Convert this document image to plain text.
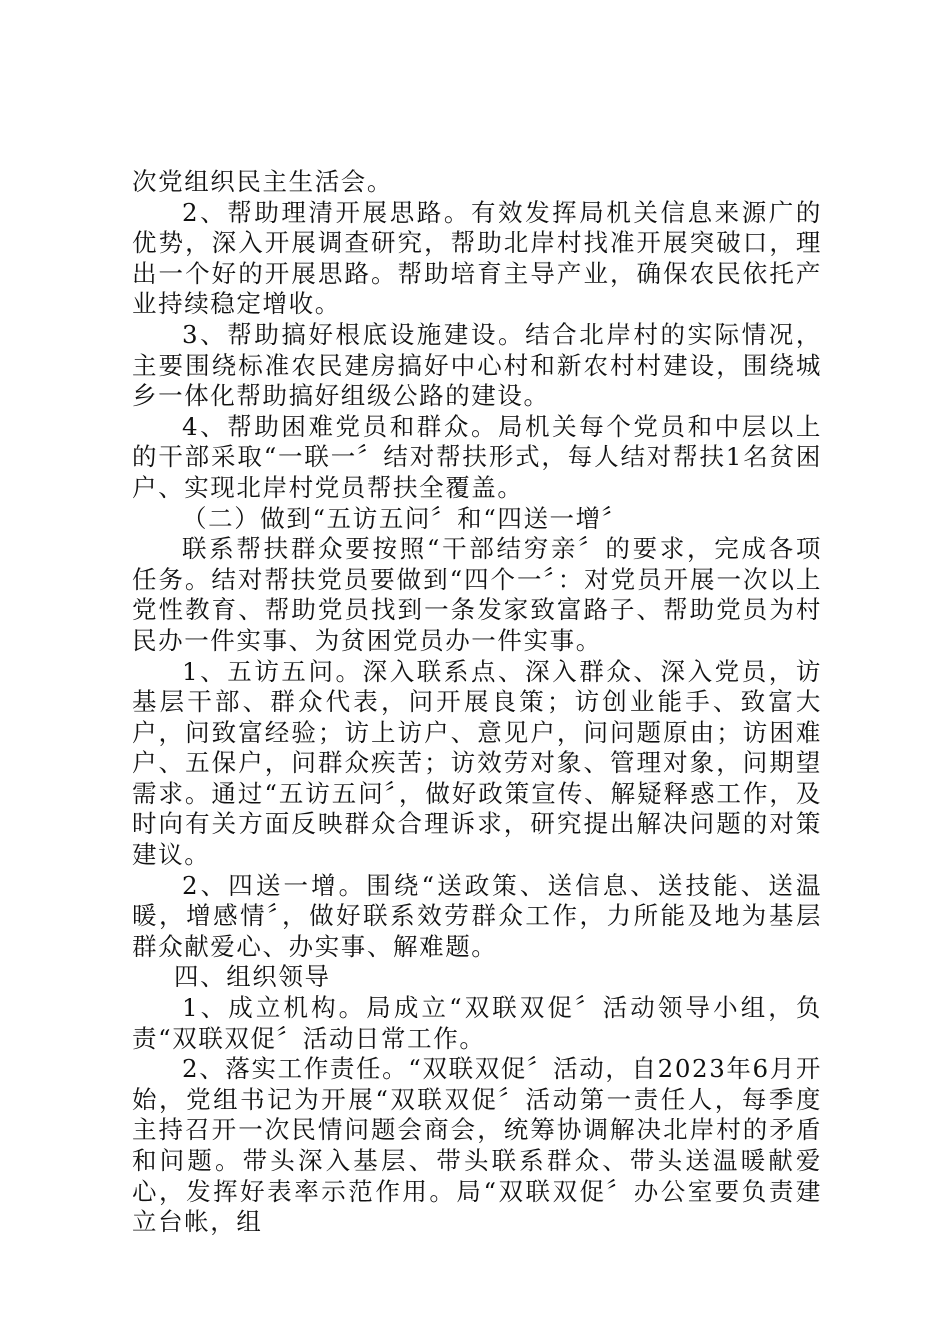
次党组织民主生活会。

2、帮助理清开展思路。有效发挥局机关信息来源广的优势，深入开展调查研究，帮助北岸村找准开展突破口，理出一个好的开展思路。帮助培育主导产业，确保农民依托产业持续稳定增收。

3、帮助搞好根底设施建设。结合北岸村的实际情况，主要围绕标准农民建房搞好中心村和新农村村建设，围绕城乡一体化帮助搞好组级公路的建设。

4、帮助困难党员和群众。局机关每个党员和中层以上的干部采取“一联一〞结对帮扶形式，每人结对帮扶1名贫困户、实现北岸村党员帮扶全覆盖。

（二）做到“五访五问〞和“四送一增〞

联系帮扶群众要按照“干部结穷亲〞的要求，完成各项任务。结对帮扶党员要做到“四个一〞：对党员开展一次以上党性教育、帮助党员找到一条发家致富路子、帮助党员为村民办一件实事、为贫困党员办一件实事。

1、五访五问。深入联系点、深入群众、深入党员，访基层干部、群众代表，问开展良策；访创业能手、致富大户，问致富经验；访上访户、意见户，问问题原由；访困难户、五保户，问群众疾苦；访效劳对象、管理对象，问期望需求。通过“五访五问〞，做好政策宣传、解疑释惑工作，及时向有关方面反映群众合理诉求，研究提出解决问题的对策建议。

2、四送一增。围绕“送政策、送信息、送技能、送温暖，增感情〞，做好联系效劳群众工作，力所能及地为基层群众献爱心、办实事、解难题。

四、组织领导

1、成立机构。局成立“双联双促〞活动领导小组，负责“双联双促〞活动日常工作。

2、落实工作责任。“双联双促〞活动，自2023年6月开始，党组书记为开展“双联双促〞活动第一责任人，每季度主持召开一次民情问题会商会，统筹协调解决北岸村的矛盾和问题。带头深入基层、带头联系群众、带头送温暖献爱心，发挥好表率示范作用。局“双联双促〞办公室要负责建立台帐，组
